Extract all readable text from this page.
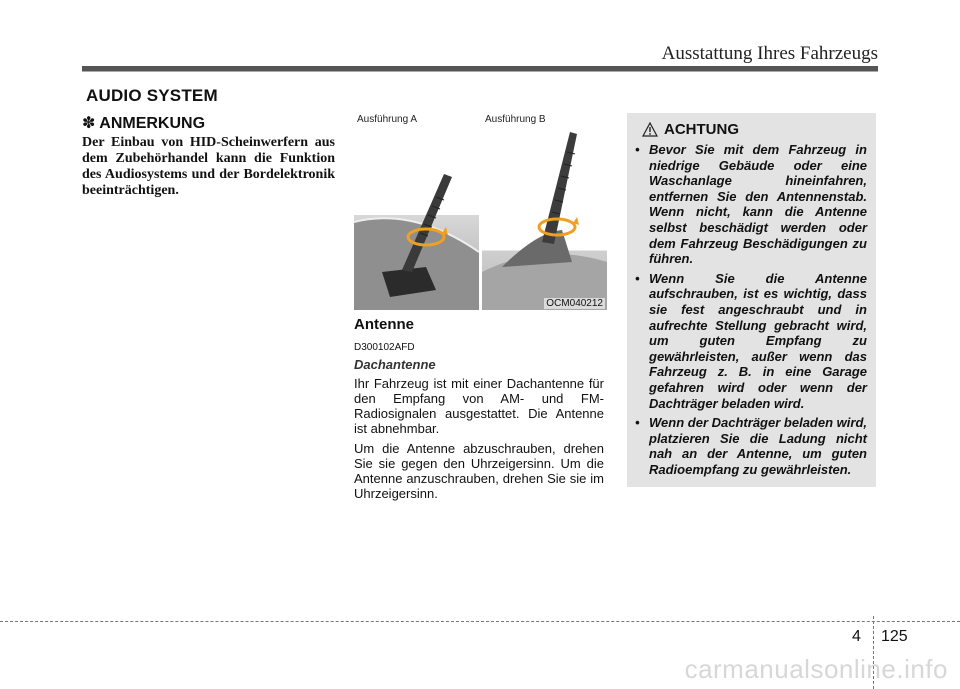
Ausstattung Ihres Fahrzeugs
AUDIO SYSTEM
✽ ANMERKUNG
Der Einbau von HID-Scheinwerfern aus dem Zubehörhandel kann die Funktion des Audiosystems und der Bordelektronik beeinträchtigen.
Ausführung A	Ausführung B
OCM040212
Antenne
D300102AFD
Dachantenne

Ihr Fahrzeug ist mit einer Dachantenne für den Empfang von AM- und FM-Radiosignalen ausgestattet. Die Antenne ist abnehmbar.

Um die Antenne abzuschrauben, drehen Sie sie gegen den Uhrzeigersinn. Um die Antenne anzuschrauben, drehen Sie sie im Uhrzeigersinn.

ACHTUNG
• Bevor Sie mit dem Fahrzeug in niedrige Gebäude oder eine Waschanlage hineinfahren, entfernen Sie den Antennenstab. Wenn nicht, kann die Antenne selbst beschädigt werden oder dem Fahrzeug Beschädigungen zu führen.
• Wenn Sie die Antenne aufschrauben, ist es wichtig, dass sie fest angeschraubt und in aufrechte Stellung gebracht wird, um guten Empfang zu gewährleisten, außer wenn das Fahrzeug z. B. in eine Garage gefahren wird oder wenn der Dachträger beladen wird.
• Wenn der Dachträger beladen wird, platzieren Sie die Ladung nicht nah an der Antenne, um guten Radioempfang zu gewährleisten.
4 125
carmanualsonline.info
